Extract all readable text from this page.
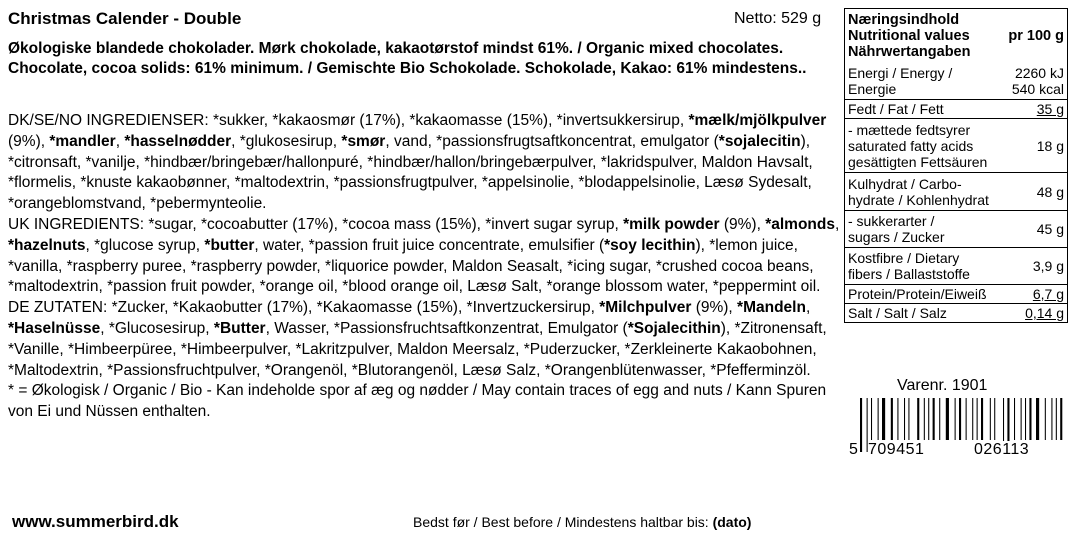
Christmas Calender - Double	Netto: 529 g
Økologiske blandede chokolader. Mørk chokolade, kakaotørstof mindst 61%. / Organic mixed chocolates. Chocolate, cocoa solids: 61% minimum. / Gemischte Bio Schokolade. Schokolade, Kakao: 61% mindestens..

DK/SE/NO INGREDIENSER: *sukker, *kakaosmør (17%), *kakaomasse (15%), *invertsukkersirup, *mælk/mjölkpulver (9%), *mandler, *hasselnødder, *glukosesirup, *smør, vand, *passionsfrugtsaftkoncentrat, emulgator (*sojalecitin), *citronsaft, *vanilje, *hindbær/bringebær/hallonpuré, *hindbær/hallon/bringebærpulver, *lakridspulver, Maldon Havsalt, *flormelis, *knuste kakaobønner, *maltodextrin, *passionsfrugtpulver, *appelsinolie, *blodappelsinolie, Læsø Sydesalt, *orangeblomstvand, *pebermynteolie.

UK INGREDIENTS: *sugar, *cocoabutter (17%), *cocoa mass (15%), *invert sugar syrup, *milk powder (9%), *almonds, *hazelnuts, *glucose syrup, *butter, water, *passion fruit juice concentrate, emulsifier (*soy lecithin), *lemon juice, *vanilla, *raspberry puree, *raspberry powder, *liquorice powder, Maldon Seasalt, *icing sugar, *crushed cocoa beans, *maltodextrin, *passion fruit powder, *orange oil, *blood orange oil, Læsø Salt, *orange blossom water, *peppermint oil.

DE ZUTATEN: *Zucker, *Kakaobutter (17%), *Kakaomasse (15%), *Invertzuckersirup, *Milchpulver (9%), *Mandeln, *Haselnüsse, *Glucosesirup, *Butter, Wasser, *Passionsfruchtsaftkonzentrat, Emulgator (*Sojalecithin), *Zitronensaft, *Vanille, *Himbeerpüree, *Himbeerpulver, *Lakritzpulver, Maldon Meersalz, *Puderzucker, *Zerkleinerte Kakaobohnen, *Maltodextrin, *Passionsfruchtpulver, *Orangenöl, *Blutorangenöl, Læsø Salz, *Orangenblütenwasser, *Pfefferminzöl.

* = Økologisk / Organic / Bio - Kan indeholde spor af æg og nødder / May contain traces of egg and nuts / Kann Spuren von Ei und Nüssen enthalten.

www.summerbird.dk	Bedst før / Best before / Mindestens haltbar bis: (dato)
Næringsindhold
Nutritional values
Nährwertangaben
pr 100 g
Energi / Energy /
Energie
2260 kJ
540 kcal
Fedt / Fat / Fett	35 g
- mættede fedtsyrer
saturated fatty acids
gesättigten Fettsäuren
18 g
Kulhydrat / Carbo-
hydrate / Kohlenhydrat	48 g
- sukkerarter /
sugars / Zucker	45 g
Kostfibre / Dietary
fibers / Ballaststoffe	3,9 g
Protein/Protein/Eiweiß	6,7 g
Salt / Salt / Salz	0,14 g
Varenr. 1901
5 709451	026113
